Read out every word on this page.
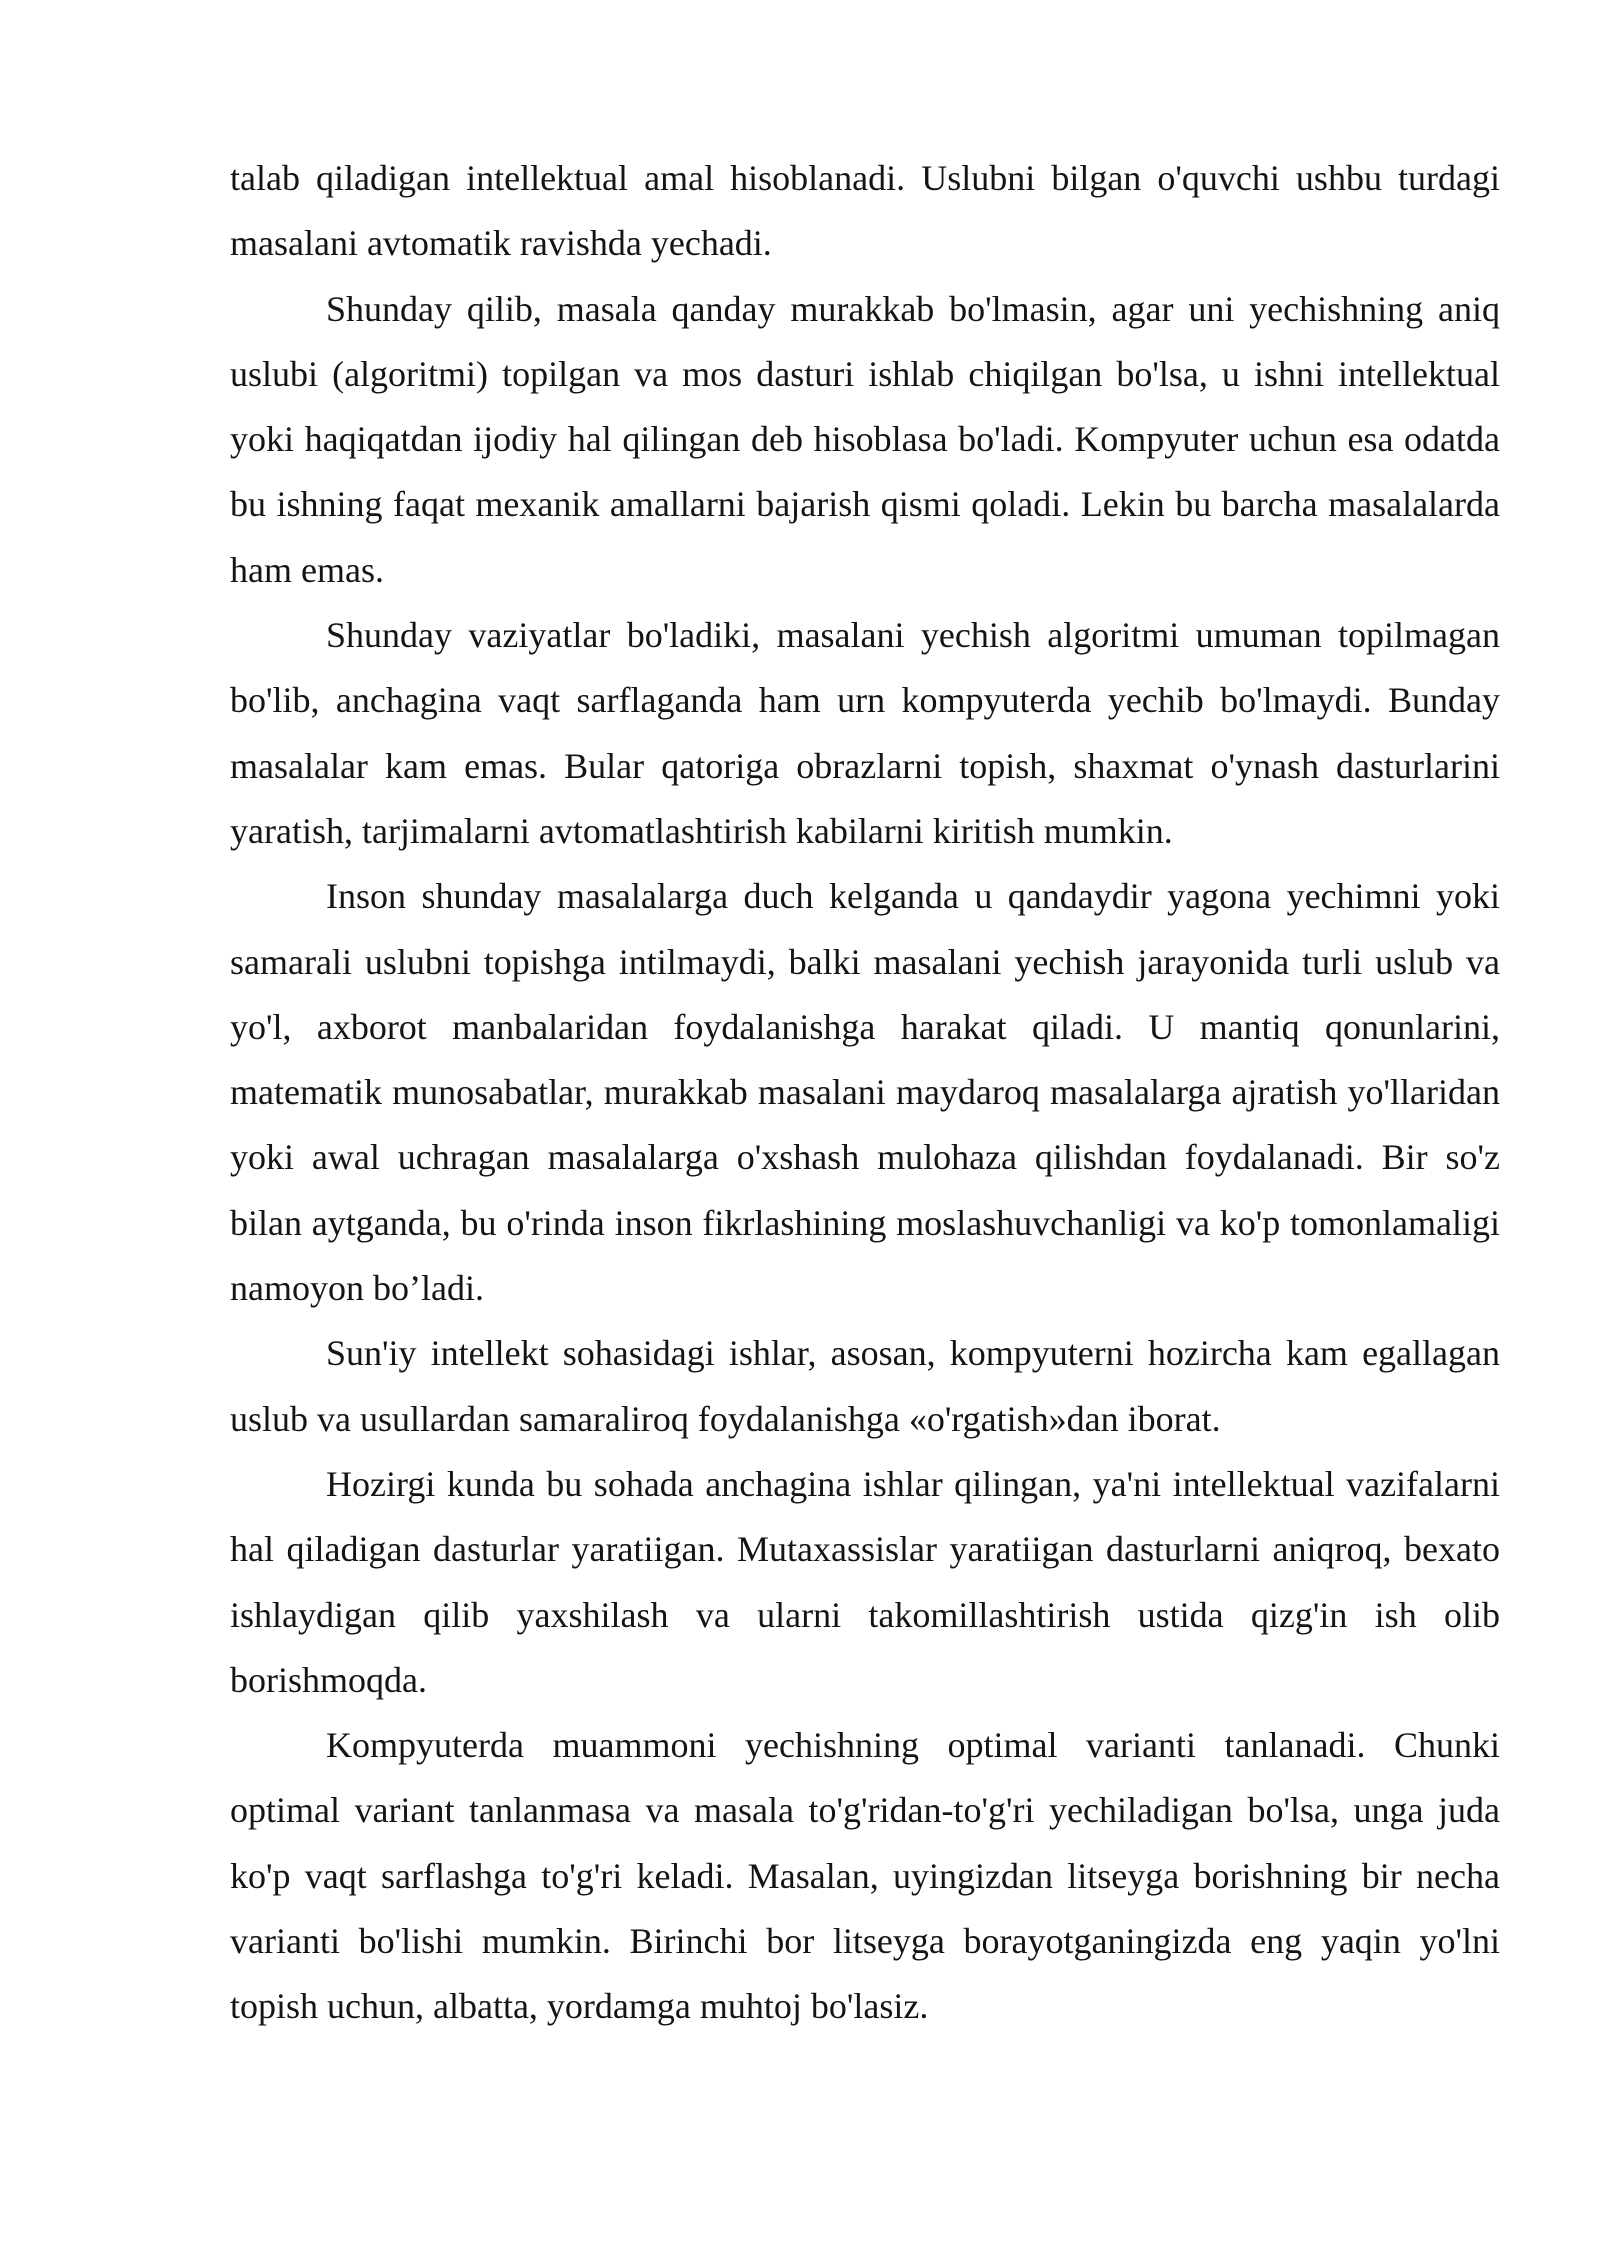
talab qiladigan intellektual amal hisoblanadi. Uslubni bilgan o'quvchi ushbu turdagi masalani avtomatik ravishda yechadi.

Shunday qilib, masala qanday murakkab bo'lmasin, agar uni yechishning aniq uslubi (algoritmi) topilgan va mos dasturi ishlab chiqilgan bo'lsa, u ishni intellektual yoki haqiqatdan ijodiy hal qilingan deb hisoblasa bo'ladi. Kompyuter uchun esa odatda bu ishning faqat mexanik amallarni bajarish qismi qoladi. Lekin bu barcha masalalarda ham emas.

Shunday vaziyatlar bo'ladiki, masalani yechish algoritmi umuman topilmagan bo'lib, anchagina vaqt sarflaganda ham urn kompyuterda yechib bo'lmaydi. Bunday masalalar kam emas. Bular qatoriga obrazlarni topish, shaxmat o'ynash dasturlarini yaratish, tarjimalarni avtomatlashtirish kabilarni kiritish mumkin.

Inson shunday masalalarga duch kelganda u qandaydir yagona yechimni yoki samarali uslubni topishga intilmaydi, balki masalani yechish jarayonida turli uslub va yo'l, axborot manbalaridan foydalanishga harakat qiladi. U mantiq qonunlarini, matematik munosabatlar, murakkab masalani maydaroq masalalarga ajratish yo'llaridan yoki awal uchragan masalalarga o'xshash mulohaza qilishdan foydalanadi. Bir so'z bilan aytganda, bu o'rinda inson fikrlashining moslashuvchanligi va ko'p tomonlamaligi namoyon bo’ladi.

Sun'iy intellekt sohasidagi ishlar, asosan, kompyuterni hozircha kam egallagan uslub va usullardan samaraliroq foydalanishga «o'rgatish»dan iborat.

Hozirgi kunda bu sohada anchagina ishlar qilingan, ya'ni intellektual vazifalarni hal qiladigan dasturlar yaratiigan. Mutaxassislar yaratiigan dasturlarni aniqroq, bexato ishlaydigan qilib yaxshilash va ularni takomillashtirish ustida qizg'in ish olib borishmoqda.

Kompyuterda muammoni yechishning optimal varianti tanlanadi. Chunki optimal variant tanlanmasa va masala to'g'ridan-to'g'ri yechiladigan bo'lsa, unga juda ko'p vaqt sarflashga to'g'ri keladi. Masalan, uyingizdan litseyga borishning bir necha varianti bo'lishi mumkin. Birinchi bor litseyga borayotganingizda eng yaqin yo'lni topish uchun, albatta, yordamga muhtoj bo'lasiz.
